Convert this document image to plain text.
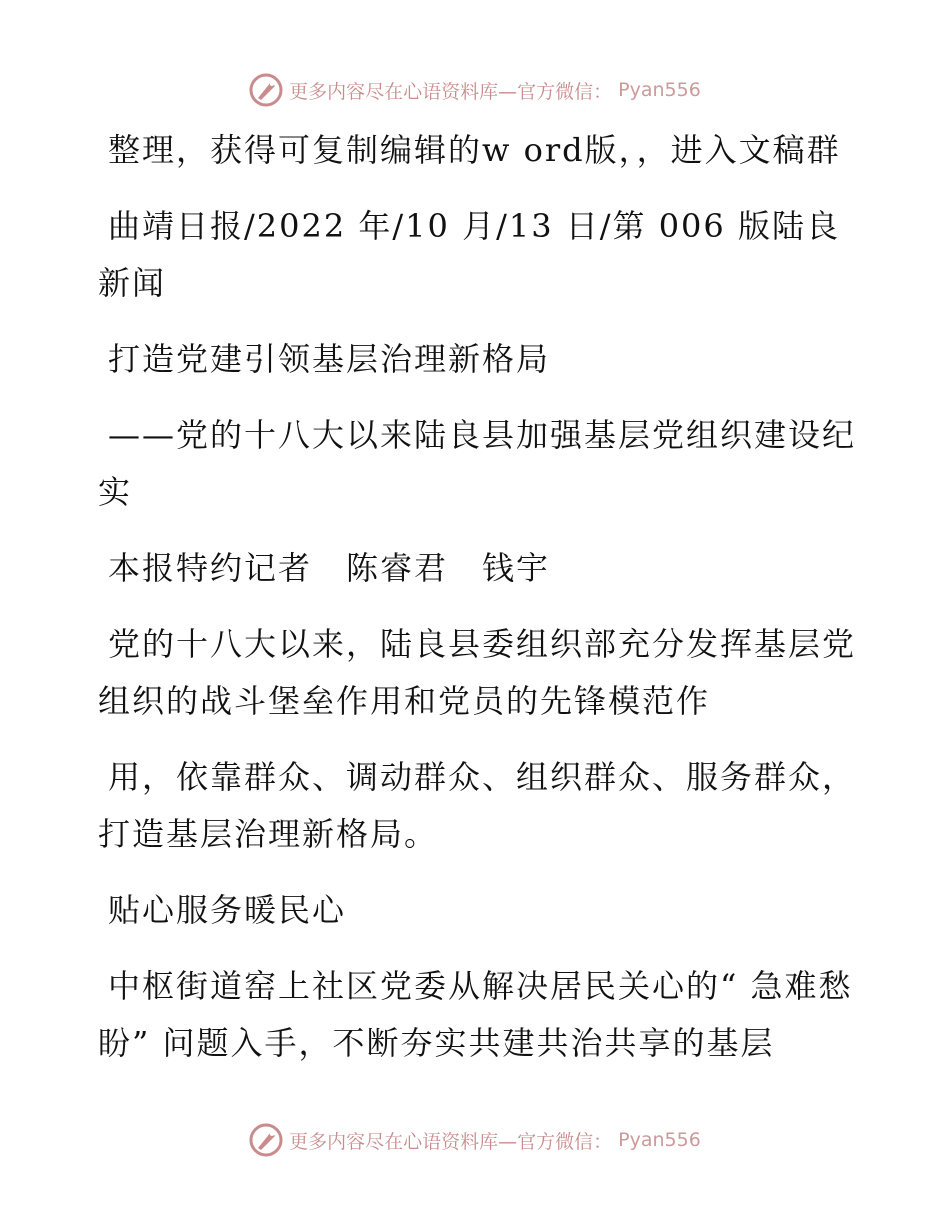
更多内容尽在心语资料库—官方微信： Pyan556

整理，获得可复制编辑的w ord版，，进入文稿群

曲靖日报/2022 年/10 月/13 日/第 006 版陆良新闻

打造党建引领基层治理新格局

——党的十八大以来陆良县加强基层党组织建设纪实

本报特约记者　陈睿君　钱宇

党的十八大以来，陆良县委组织部充分发挥基层党组织的战斗堡垒作用和党员的先锋模范作

用，依靠群众、调动群众、组织群众、服务群众，打造基层治理新格局。

贴心服务暖民心

中枢街道窑上社区党委从解决居民关心的“ 急难愁盼” 问题入手，不断夯实共建共治共享的基层

更多内容尽在心语资料库—官方微信： Pyan556
